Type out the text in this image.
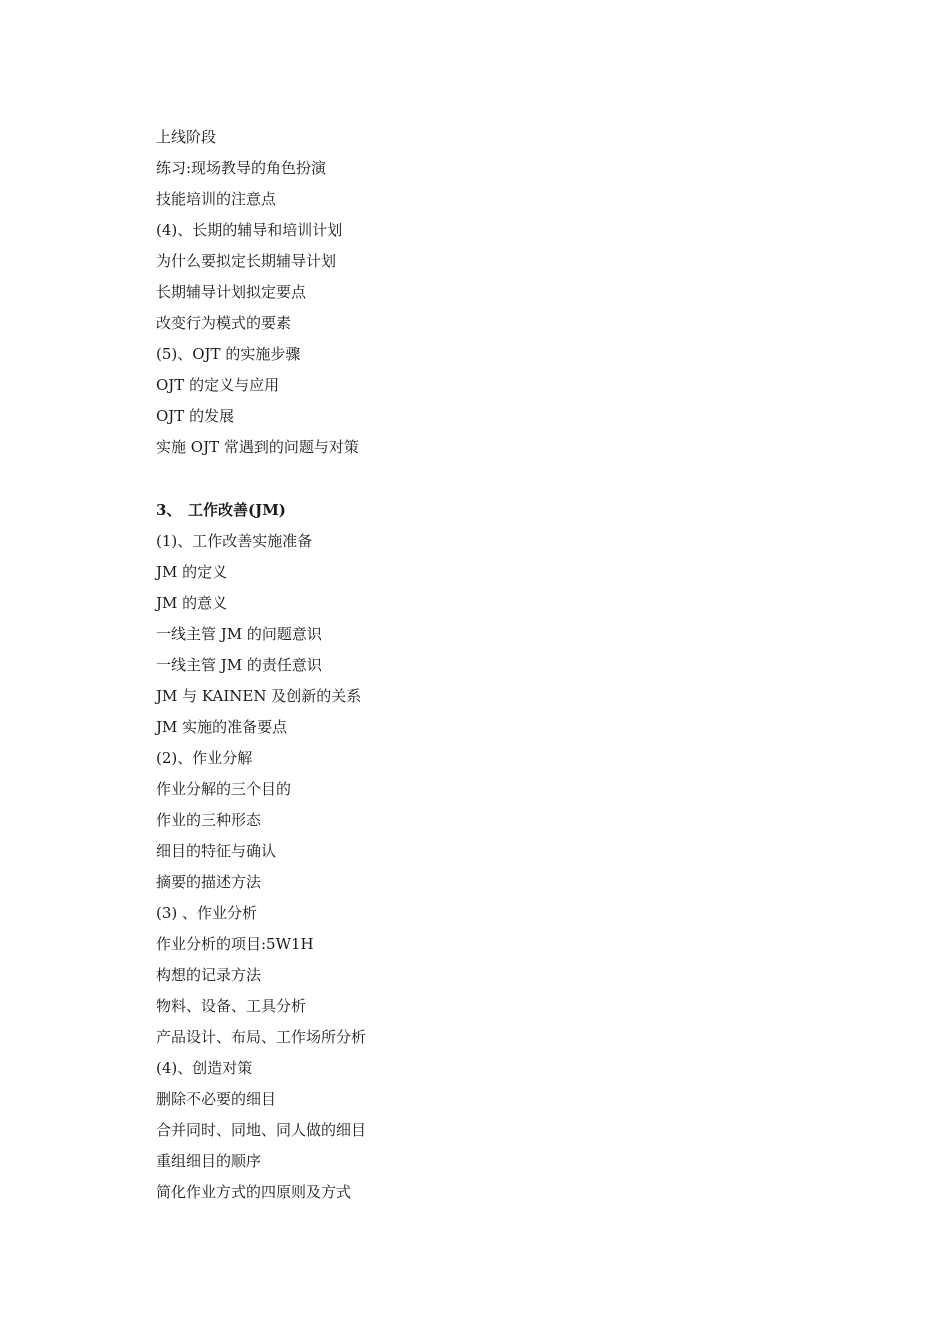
上线阶段
练习:现场教导的角色扮演
技能培训的注意点
(4)、长期的辅导和培训计划
为什么要拟定长期辅导计划
长期辅导计划拟定要点
改变行为模式的要素
(5)、OJT 的实施步骤
OJT 的定义与应用
OJT 的发展
实施 OJT 常遇到的问题与对策
3、 工作改善(JM)
(1)、工作改善实施准备
JM 的定义
JM 的意义
一线主管 JM 的问题意识
一线主管 JM 的责任意识
JM 与 KAINEN 及创新的关系
JM 实施的准备要点
(2)、作业分解
作业分解的三个目的
作业的三种形态
细目的特征与确认
摘要的描述方法
(3) 、作业分析
作业分析的项目:5W1H
构想的记录方法
物料、设备、工具分析
产品设计、布局、工作场所分析
(4)、创造对策
删除不必要的细目
合并同时、同地、同人做的细目
重组细目的顺序
简化作业方式的四原则及方式
